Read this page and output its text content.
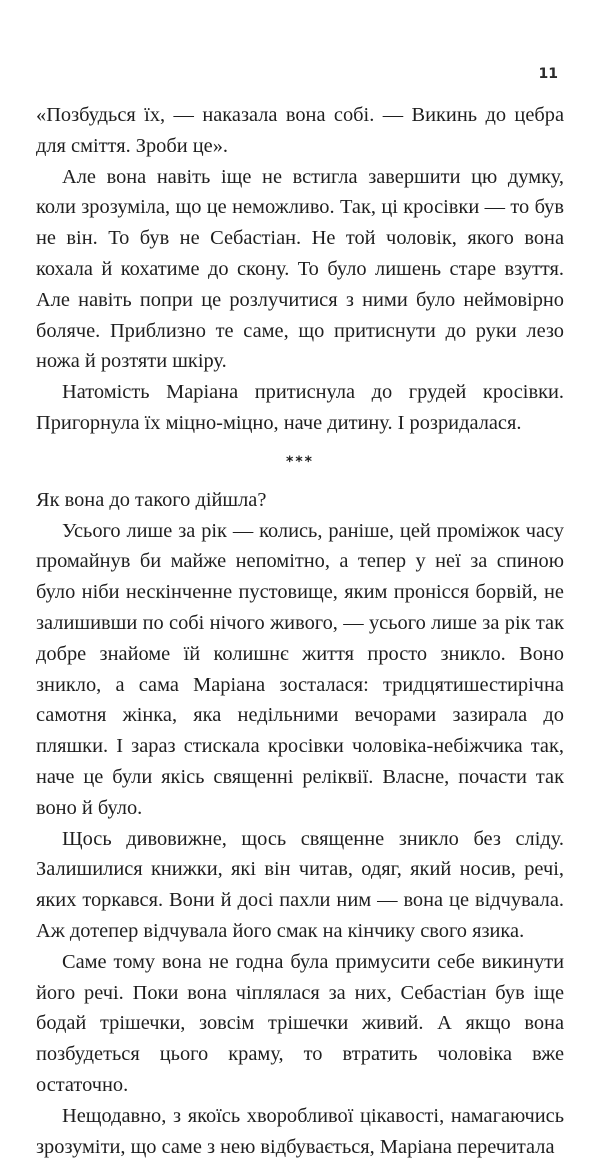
11

«Позбудься їх, — наказала вона собі. — Викинь до цебра для сміття. Зроби це».

Але вона навіть іще не встигла завершити цю думку, коли зрозуміла, що це неможливо. Так, ці кросівки — то був не він. То був не Себастіан. Не той чоловік, якого вона кохала й кохатиме до скону. То було лишень старе взуття. Але навіть попри це розлучитися з ними було неймовірно боляче. Приблизно те саме, що притиснути до руки лезо ножа й розтяти шкіру.

Натомість Маріана притиснула до грудей кросівки. Пригорнула їх міцно-міцно, наче дитину. І розридалася.

***

Як вона до такого дійшла?

Усього лише за рік — колись, раніше, цей проміжок часу промайнув би майже непомітно, а тепер у неї за спиною було ніби нескінченне пустовище, яким пронісся борвій, не залишивши по собі нічого живого, — усього лише за рік так добре знайоме їй колишнє життя просто зникло. Воно зникло, а сама Маріана зосталася: тридцятишестирічна самотня жінка, яка недільними вечорами зазирала до пляшки. І зараз стискала кросівки чоловіка-небіжчика так, наче це були якісь священні реліквії. Власне, почасти так воно й було.

Щось дивовижне, щось священне зникло без сліду. Залишилися книжки, які він читав, одяг, який носив, речі, яких торкався. Вони й досі пахли ним — вона це відчувала. Аж дотепер відчувала його смак на кінчику свого язика.

Саме тому вона не годна була примусити себе викинути його речі. Поки вона чіплялася за них, Себастіан був іще бодай трішечки, зовсім трішечки живий. А якщо вона позбудеться цього краму, то втратить чоловіка вже остаточно.

Нещодавно, з якоїсь хворобливої цікавості, намагаючись зрозуміти, що саме з нею відбувається, Маріана перечитала
